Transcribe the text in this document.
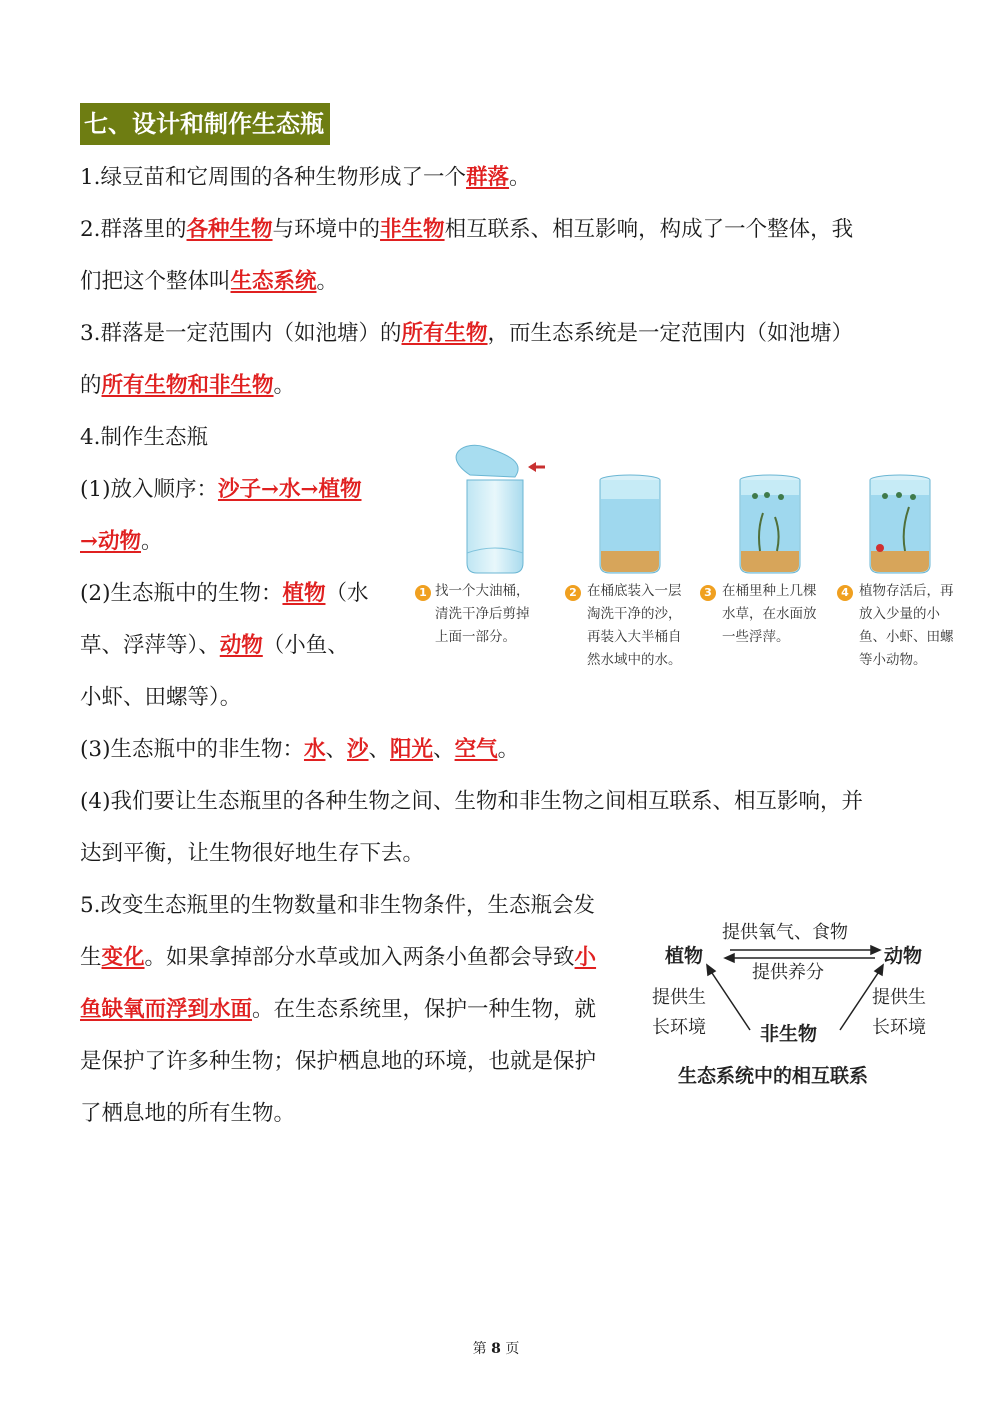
七、设计和制作生态瓶
1.绿豆苗和它周围的各种生物形成了一个群落。
2.群落里的各种生物与环境中的非生物相互联系、相互影响，构成了一个整体，我
们把这个整体叫生态系统。
3.群落是一定范围内（如池塘）的所有生物，而生态系统是一定范围内（如池塘）
的所有生物和非生物。
4.制作生态瓶
(1)放入顺序：沙子→水→植物
→动物。
(2)生态瓶中的生物：植物（水
草、浮萍等）、动物（小鱼、
小虾、田螺等）。
(3)生态瓶中的非生物：水、沙、阳光、空气。
(4)我们要让生态瓶里的各种生物之间、生物和非生物之间相互联系、相互影响，并
达到平衡，让生物很好地生存下去。
1 找一个大油桶，
清洗干净后剪掉
上面一部分。
2 在桶底装入一层
淘洗干净的沙，
再装入大半桶自
然水域中的水。
3 在桶里种上几棵
水草，在水面放
一些浮萍。
4 植物存活后，再
放入少量的小
鱼、小虾、田螺
等小动物。
5.改变生态瓶里的生物数量和非生物条件，生态瓶会发
生变化。如果拿掉部分水草或加入两条小鱼都会导致小
鱼缺氧而浮到水面。在生态系统里，保护一种生物，就
是保护了许多种生物；保护栖息地的环境，也就是保护
了栖息地的所有生物。
植物	动物
提供氧气、食物
提供养分
提供生
长环境
提供生
长环境
非生物
生态系统中的相互联系
第 8 页
